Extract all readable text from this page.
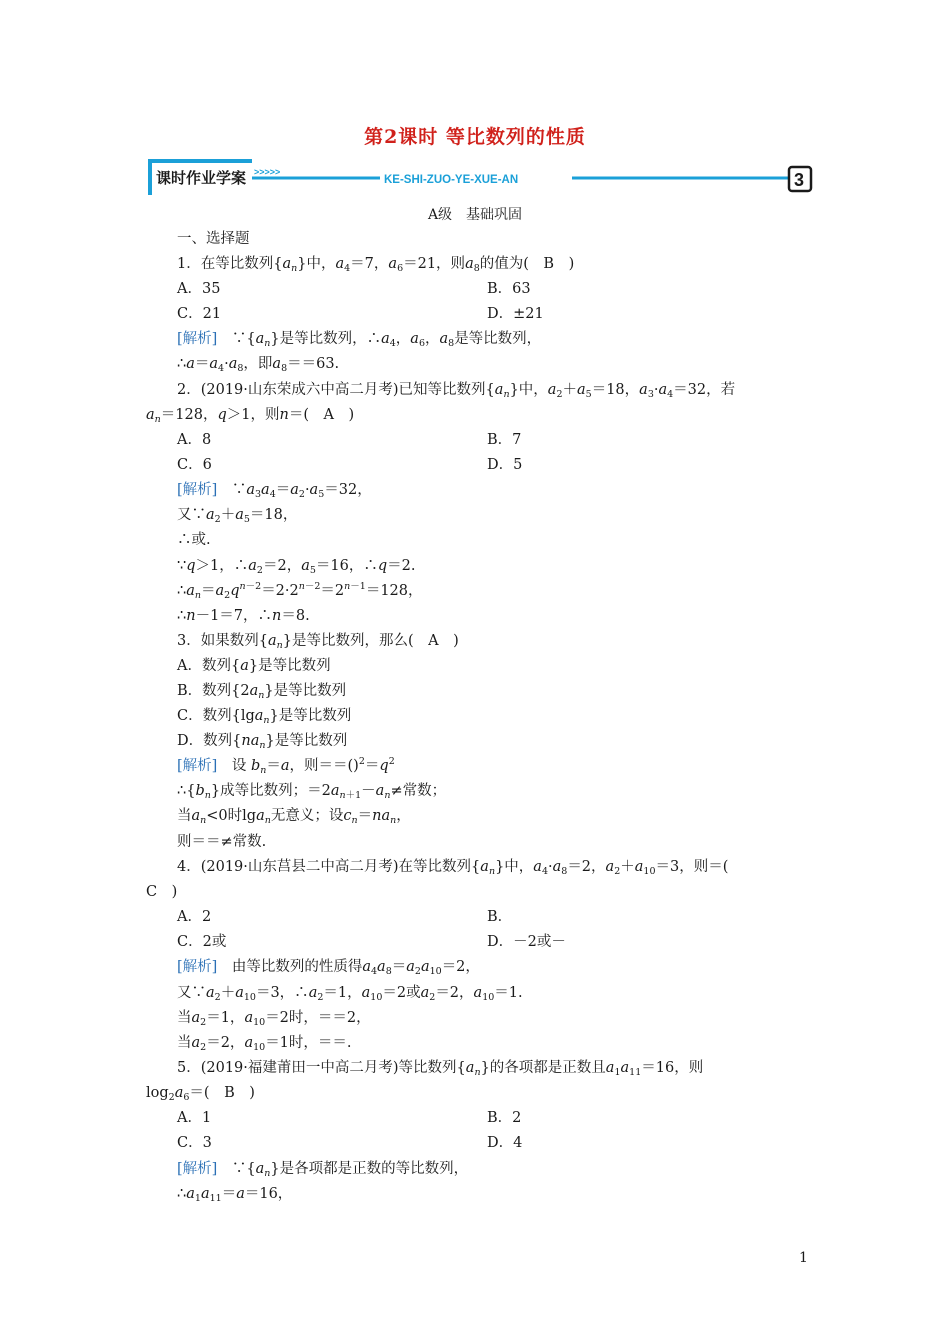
第2课时 等比数列的性质
课时作业学案 >>>>>
KE-SHI-ZUO-YE-XUE-AN	3
A级　基础巩固
一、选择题
1．在等比数列$\{a_n\}$中，$a_4=7$，$a_6=21$，则$a_8$的值为(　B　)
A．35	B．63
C．21	D．±21
[解析]　 $\because\{a_n\}$是等比数列，$\therefore a_4$，$a_6$，$a_8$是等比数列，
$\therefore a=a_4\cdot a_8$，即$a_8==63$.
2．(2019·山东荣成六中高二月考)已知等比数列$\{a_n\}$中，$a_2+a_5=18$，$a_3\cdot a_4=32$，若
$a_n=128$，q＞1，则n＝(　A　)
A．8	B．7
C．6	D．5
[解析]　 $\because a_3a_4=a_2\cdot a_5=32$，
又$\because a_2+a_5=18$，
∴或.
∵q＞1，$\therefore a_2=2$，$a_5=16$，∴q＝2.
$\therefore a_n=a_2q^{n-2}=2\cdot 2^{n-2}=2^{n-1}=128$，
∴n－1＝7，∴n＝8.
3．如果数列$\{a_n\}$是等比数列，那么(　A　)
A．数列{a}是等比数列
B．数列$\{2a_n\}$是等比数列
C．数列{lga$_n$}是等比数列
D．数列$\{na_n\}$是等比数列
[解析]　 设 $b_n=a$，则$==()^2=q^2$
$\therefore\{b_n\}$成等比数列；$=2a_{n+1}-a_n\ne$常数；
当$a_n<0$时lga$_n$无意义；设$c_n=na_n$，
则＝＝≠常数.
4．(2019·山东莒县二中高二月考)在等比数列$\{a_n\}$中，$a_4\cdot a_8=2$，$a_2+a_{10}=3$，则＝(
C　)
A．2	B．
C．2或	D．－2或－
[解析]　 由等比数列的性质得$a_4a_8=a_2a_{10}=2$，
又$\because a_2+a_{10}=3$，$\therefore a_2=1$，$a_{10}=2$或$a_2=2$，$a_{10}=1$.
当$a_2=1$，$a_{10}=2$时，＝＝2，
当$a_2=2$，$a_{10}=1$时，＝＝.
5．(2019·福建莆田一中高二月考)等比数列$\{a_n\}$的各项都是正数且$a_1a_{11}=16$，则
$\log_2a_6=$(　B　)
A．1	B．2
C．3	D．4
[解析]　 $\because\{a_n\}$是各项都是正数的等比数列，
$\therefore a_1a_{11}=a=16$，
1
